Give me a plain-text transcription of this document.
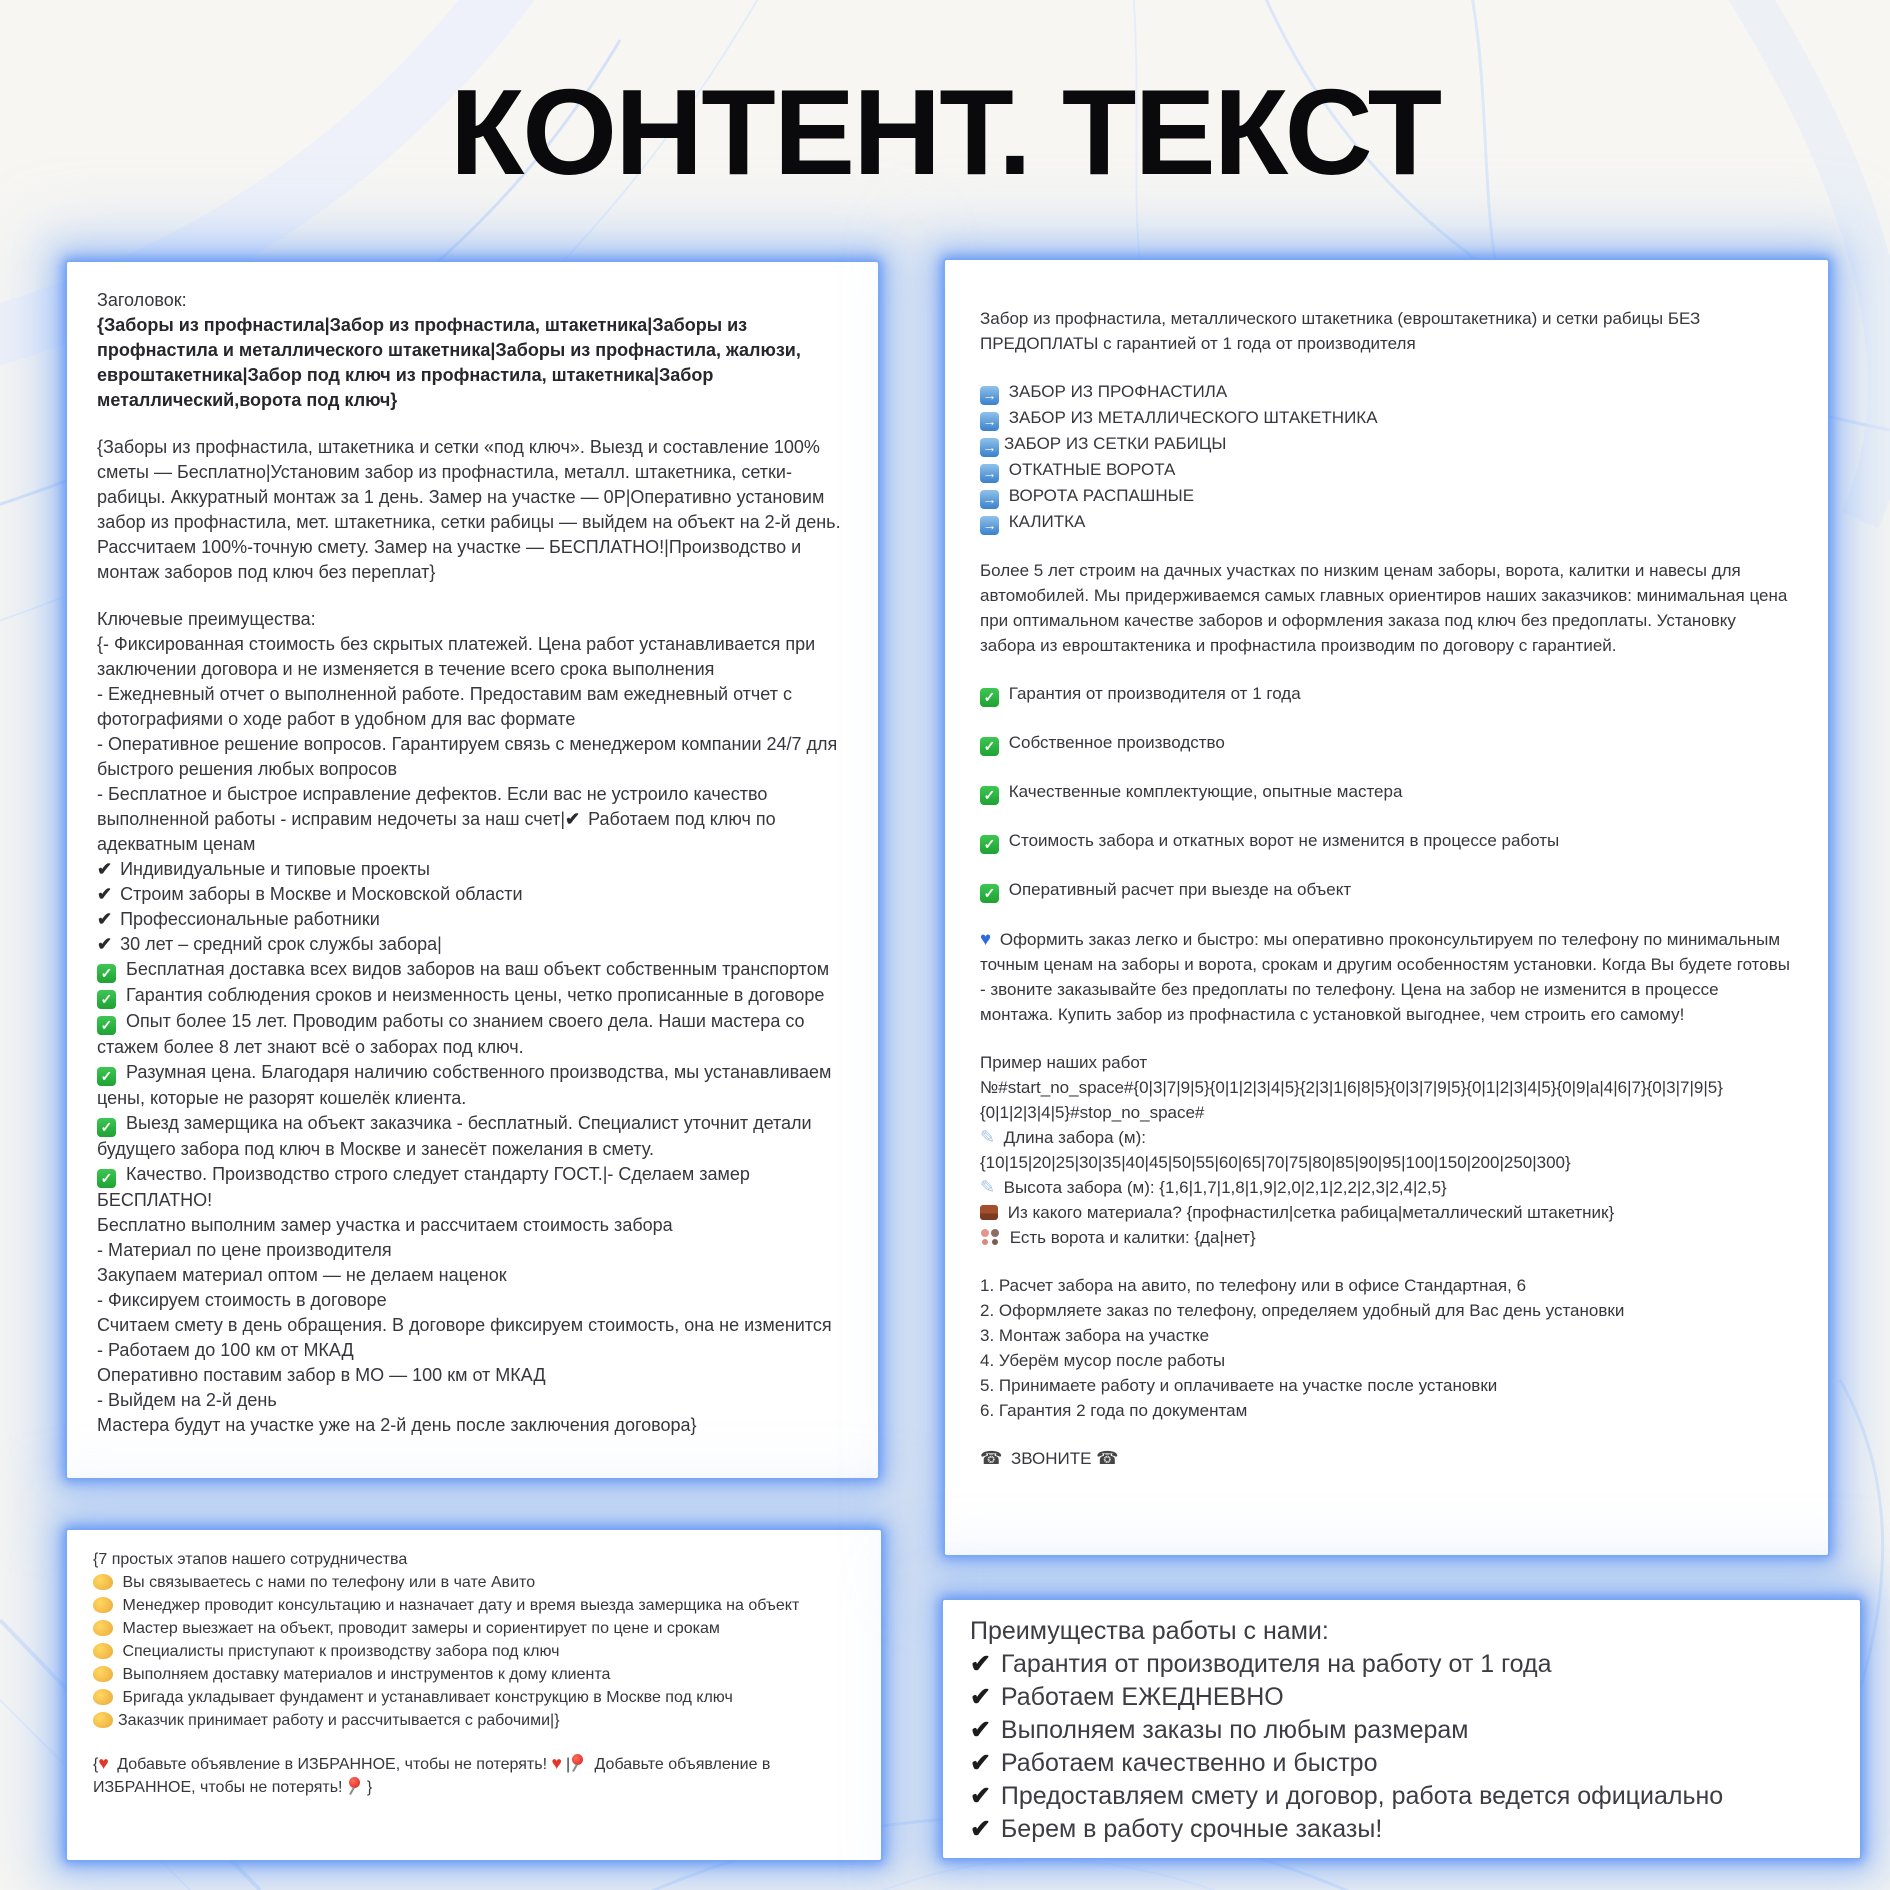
КОНТЕНТ. ТЕКСТ
Заголовок:
{Заборы из профнастила|Забор из профнастила, штакетника|Заборы из профнастила и металлического штакетника|Заборы из профнастила, жалюзи, евроштакетника|Забор под ключ из профнастила, штакетника|Забор металлический,ворота под ключ}
{Заборы из профнастила, штакетника и сетки «под ключ». Выезд и составление 100% сметы — Бесплатно|Установим забор из профнастила, металл. штакетника, сетки-рабицы. Аккуратный монтаж за 1 день. Замер на участке — 0Р|Оперативно установим забор из профнастила, мет. штакетника, сетки рабицы — выйдем на объект на 2-й день. Рассчитаем 100%-точную смету. Замер на участке — БЕСПЛАТНО!|Производство и монтаж заборов под ключ без переплат}
Ключевые преимущества:
{- Фиксированная стоимость без скрытых платежей. Цена работ устанавливается при заключении договора и не изменяется в течение всего срока выполнения
- Ежедневный отчет о выполненной работе. Предоставим вам ежедневный отчет с фотографиями о ходе работ в удобном для вас формате
- Оперативное решение вопросов. Гарантируем связь с менеджером компании 24/7 для быстрого решения любых вопросов
- Бесплатное и быстрое исправление дефектов. Если вас не устроило качество выполненной работы - исправим недочеты за наш счет|✔ Работаем под ключ по адекватным ценам
✔ Индивидуальные и типовые проекты
✔ Строим заборы в Москве и Московской области
✔ Профессиональные работники
✔ 30 лет – средний срок службы забора|
✓ Бесплатная доставка всех видов заборов на ваш объект собственным транспортом
✓ Гарантия соблюдения сроков и неизменность цены, четко прописанные в договоре
✓ Опыт более 15 лет. Проводим работы со знанием своего дела. Наши мастера со стажем более 8 лет знают всё о заборах под ключ.
✓ Разумная цена. Благодаря наличию собственного производства, мы устанавливаем цены, которые не разорят кошелёк клиента.
✓ Выезд замерщика на объект заказчика - бесплатный. Специалист уточнит детали будущего забора под ключ в Москве и занесёт пожелания в смету.
✓ Качество. Производство строго следует стандарту ГОСТ.|- Сделаем замер БЕСПЛАТНО!
Бесплатно выполним замер участка и рассчитаем стоимость забора
- Материал по цене производителя
Закупаем материал оптом — не делаем наценок
- Фиксируем стоимость в договоре
Считаем смету в день обращения. В договоре фиксируем стоимость, она не изменится
- Работаем до 100 км от МКАД
Оперативно поставим забор в МО — 100 км от МКАД
- Выйдем на 2-й день
Мастера будут на участке уже на 2-й день после заключения договора}
{7 простых этапов нашего сотрудничества
Вы связываетесь с нами по телефону или в чате Авито
Менеджер проводит консультацию и назначает дату и время выезда замерщика на объект
Мастер выезжает на объект, проводит замеры и сориентирует по цене и срокам
Специалисты приступают к производству забора под ключ
Выполняем доставку материалов и инструментов к дому клиента
Бригада укладывает фундамент и устанавливает конструкцию в Москве под ключ
Заказчик принимает работу и рассчитывается с рабочими|}
{♥ Добавьте объявление в ИЗБРАННОЕ, чтобы не потерять! ♥ | Добавьте объявление в ИЗБРАННОЕ, чтобы не потерять! }
Забор из профнастила, металлического штакетника (евроштакетника) и сетки рабицы БЕЗ ПРЕДОПЛАТЫ с гарантией от 1 года от производителя
→ ЗАБОР ИЗ ПРОФНАСТИЛА
→ ЗАБОР ИЗ МЕТАЛЛИЧЕСКОГО ШТАКЕТНИКА
→ ЗАБОР ИЗ СЕТКИ РАБИЦЫ
→ ОТКАТНЫЕ ВОРОТА
→ ВОРОТА РАСПАШНЫЕ
→ КАЛИТКА
Более 5 лет строим на дачных участках по низким ценам заборы, ворота, калитки и навесы для автомобилей. Мы придерживаемся самых главных ориентиров наших заказчиков: минимальная цена при оптимальном качестве заборов и оформления заказа под ключ без предоплаты. Установку забора из евроштактеника и профнастила производим по договору с гарантией.
✓ Гарантия от производителя от 1 года
✓ Собственное производство
✓ Качественные комплектующие, опытные мастера
✓ Стоимость забора и откатных ворот не изменится в процессе работы
✓ Оперативный расчет при выезде на объект
♥ Оформить заказ легко и быстро: мы оперативно проконсультируем по телефону по минимальным точным ценам на заборы и ворота, срокам и другим особенностям установки. Когда Вы будете готовы - звоните заказывайте без предоплаты по телефону. Цена на забор не изменится в процессе монтажа. Купить забор из профнастила с установкой выгоднее, чем строить его самому!
Пример наших работ
№#start_no_space#{0|3|7|9|5}{0|1|2|3|4|5}{2|3|1|6|8|5}{0|3|7|9|5}{0|1|2|3|4|5}{0|9|a|4|6|7}{0|3|7|9|5}{0|1|2|3|4|5}#stop_no_space#
✎ Длина забора (м):
{10|15|20|25|30|35|40|45|50|55|60|65|70|75|80|85|90|95|100|150|200|250|300}
✎ Высота забора (м): {1,6|1,7|1,8|1,9|2,0|2,1|2,2|2,3|2,4|2,5}
Из какого материала? {профнастил|сетка рабица|металлический штакетник}
Есть ворота и калитки: {да|нет}
1. Расчет забора на авито, по телефону или в офисе Стандартная, 6
2. Оформляете заказ по телефону, определяем удобный для Вас день установки
3. Монтаж забора на участке
4. Уберём мусор после работы
5. Принимаете работу и оплачиваете на участке после установки
6. Гарантия 2 года по документам
☎ ЗВОНИТЕ ☎
Преимущества работы с нами:
✔ Гарантия от производителя на работу от 1 года
✔ Работаем ЕЖЕДНЕВНО
✔ Выполняем заказы по любым размерам
✔ Работаем качественно и быстро
✔ Предоставляем смету и договор, работа ведется официально
✔ Берем в работу срочные заказы!
